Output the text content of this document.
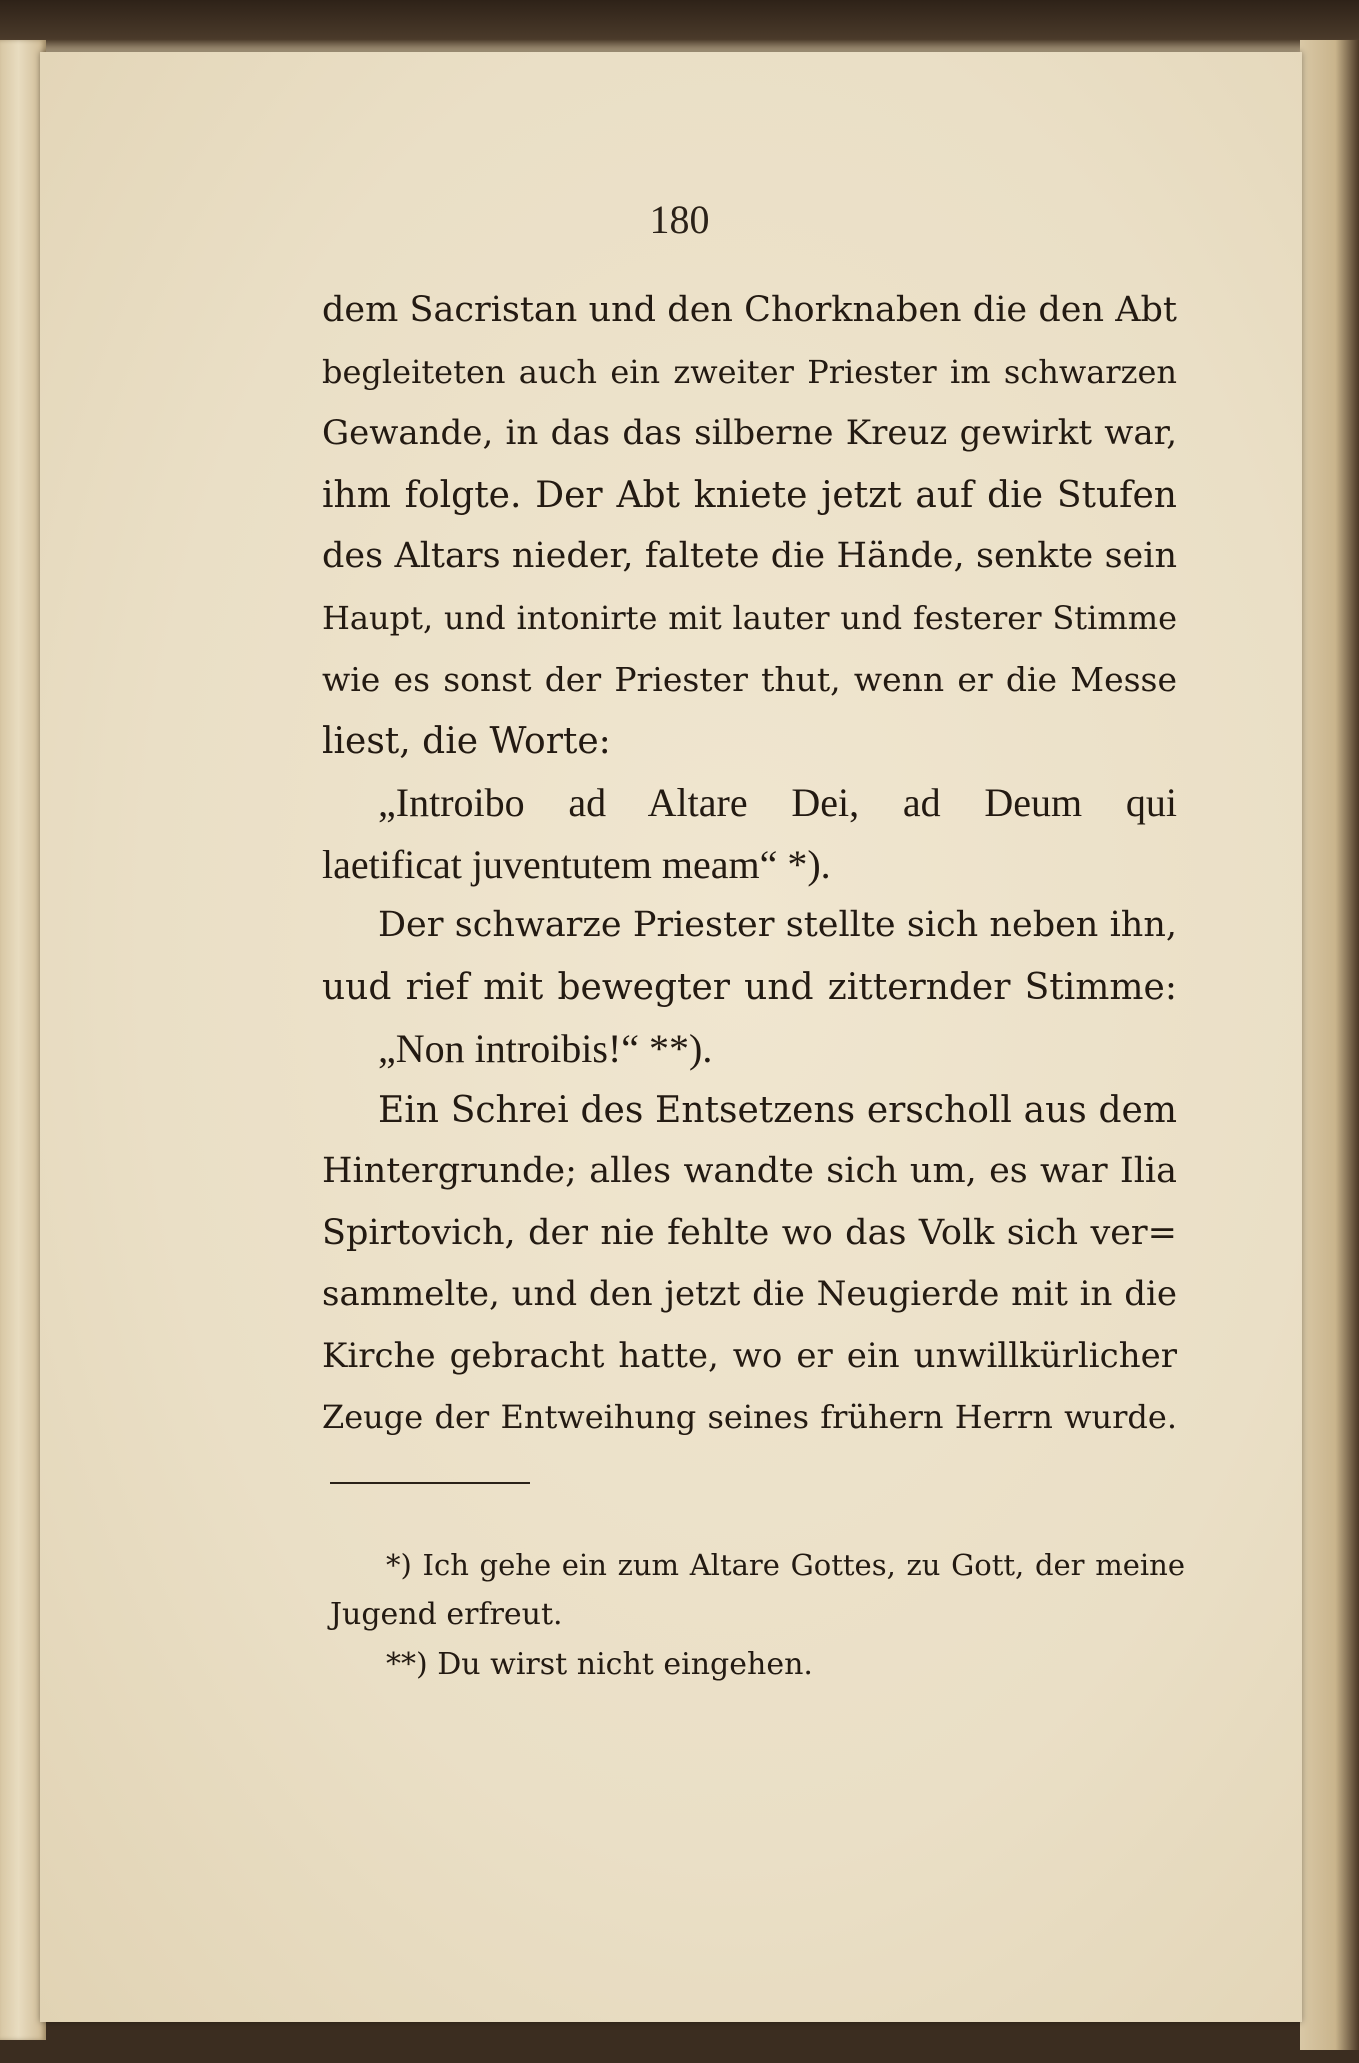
180
dem Sacristan und den Chorknaben die den Abt
begleiteten auch ein zweiter Priester im schwarzen
Gewande, in das das silberne Kreuz gewirkt war,
ihm folgte. Der Abt kniete jetzt auf die Stufen
des Altars nieder, faltete die Hände, senkte sein
Haupt, und intonirte mit lauter und festerer Stimme
wie es sonst der Priester thut, wenn er die Messe
liest, die Worte:
„Introibo ad Altare Dei, ad Deum qui
laetificat juventutem meam“ *).
Der schwarze Priester stellte sich neben ihn,
uud rief mit bewegter und zitternder Stimme:
„Non introibis!“ **).
Ein Schrei des Entsetzens erscholl aus dem
Hintergrunde; alles wandte sich um, es war Ilia
Spirtovich, der nie fehlte wo das Volk sich ver=
sammelte, und den jetzt die Neugierde mit in die
Kirche gebracht hatte, wo er ein unwillkürlicher
Zeuge der Entweihung seines frühern Herrn wurde.
*) Ich gehe ein zum Altare Gottes, zu Gott, der meine
Jugend erfreut.
**) Du wirst nicht eingehen.
